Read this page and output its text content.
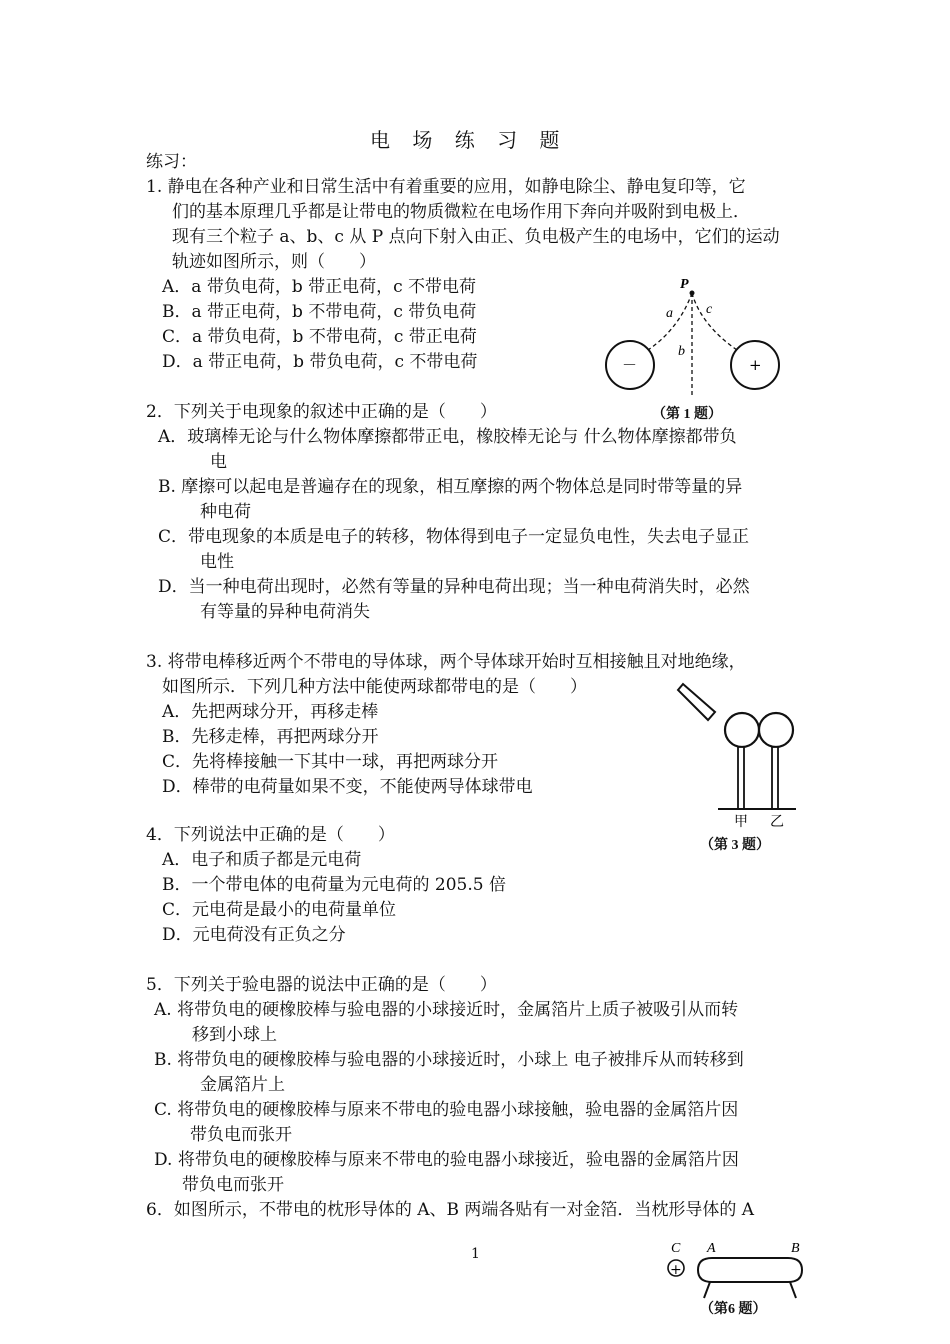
电 场 练 习 题
练习：
1. 静电在各种产业和日常生活中有着重要的应用，如静电除尘、静电复印等，它
们的基本原理几乎都是让带电的物质微粒在电场作用下奔向并吸附到电极上．
现有三个粒子 a、b、c 从 P 点向下射入由正、负电极产生的电场中，它们的运动
轨迹如图所示，则（　　）
A．a 带负电荷，b 带正电荷，c 不带电荷
B．a 带正电荷，b 不带电荷，c 带负电荷
C．a 带负电荷，b 不带电荷，c 带正电荷
D．a 带正电荷，b 带负电荷，c 不带电荷
P
a c
b
－	+
（第 1 题）
2．下列关于电现象的叙述中正确的是（　　）
A．玻璃棒无论与什么物体摩擦都带正电，橡胶棒无论与 什么物体摩擦都带负
电
B. 摩擦可以起电是普遍存在的现象，相互摩擦的两个物体总是同时带等量的异
种电荷
C．带电现象的本质是电子的转移，物体得到电子一定显负电性，失去电子显正
电性
D．当一种电荷出现时，必然有等量的异种电荷出现；当一种电荷消失时，必然
有等量的异种电荷消失
3. 将带电棒移近两个不带电的导体球，两个导体球开始时互相接触且对地绝缘，
如图所示．下列几种方法中能使两球都带电的是（　　）
A．先把两球分开，再移走棒
B．先移走棒，再把两球分开
C．先将棒接触一下其中一球，再把两球分开
D．棒带的电荷量如果不变，不能使两导体球带电
甲 乙
（第 3 题）
4．下列说法中正确的是（　　）
A．电子和质子都是元电荷
B．一个带电体的电荷量为元电荷的 205.5 倍
C．元电荷是最小的电荷量单位
D．元电荷没有正负之分
5．下列关于验电器的说法中正确的是（　　）
A. 将带负电的硬橡胶棒与验电器的小球接近时，金属箔片上质子被吸引从而转
移到小球上
B. 将带负电的硬橡胶棒与验电器的小球接近时，小球上 电子被排斥从而转移到
金属箔片上
C. 将带负电的硬橡胶棒与原来不带电的验电器小球接触，验电器的金属箔片因
带负电而张开
D. 将带负电的硬橡胶棒与原来不带电的验电器小球接近，验电器的金属箔片因
带负电而张开
6．如图所示，不带电的枕形导体的 A、B 两端各贴有一对金箔．当枕形导体的 A
C A	B
+
（第6 题）
1
